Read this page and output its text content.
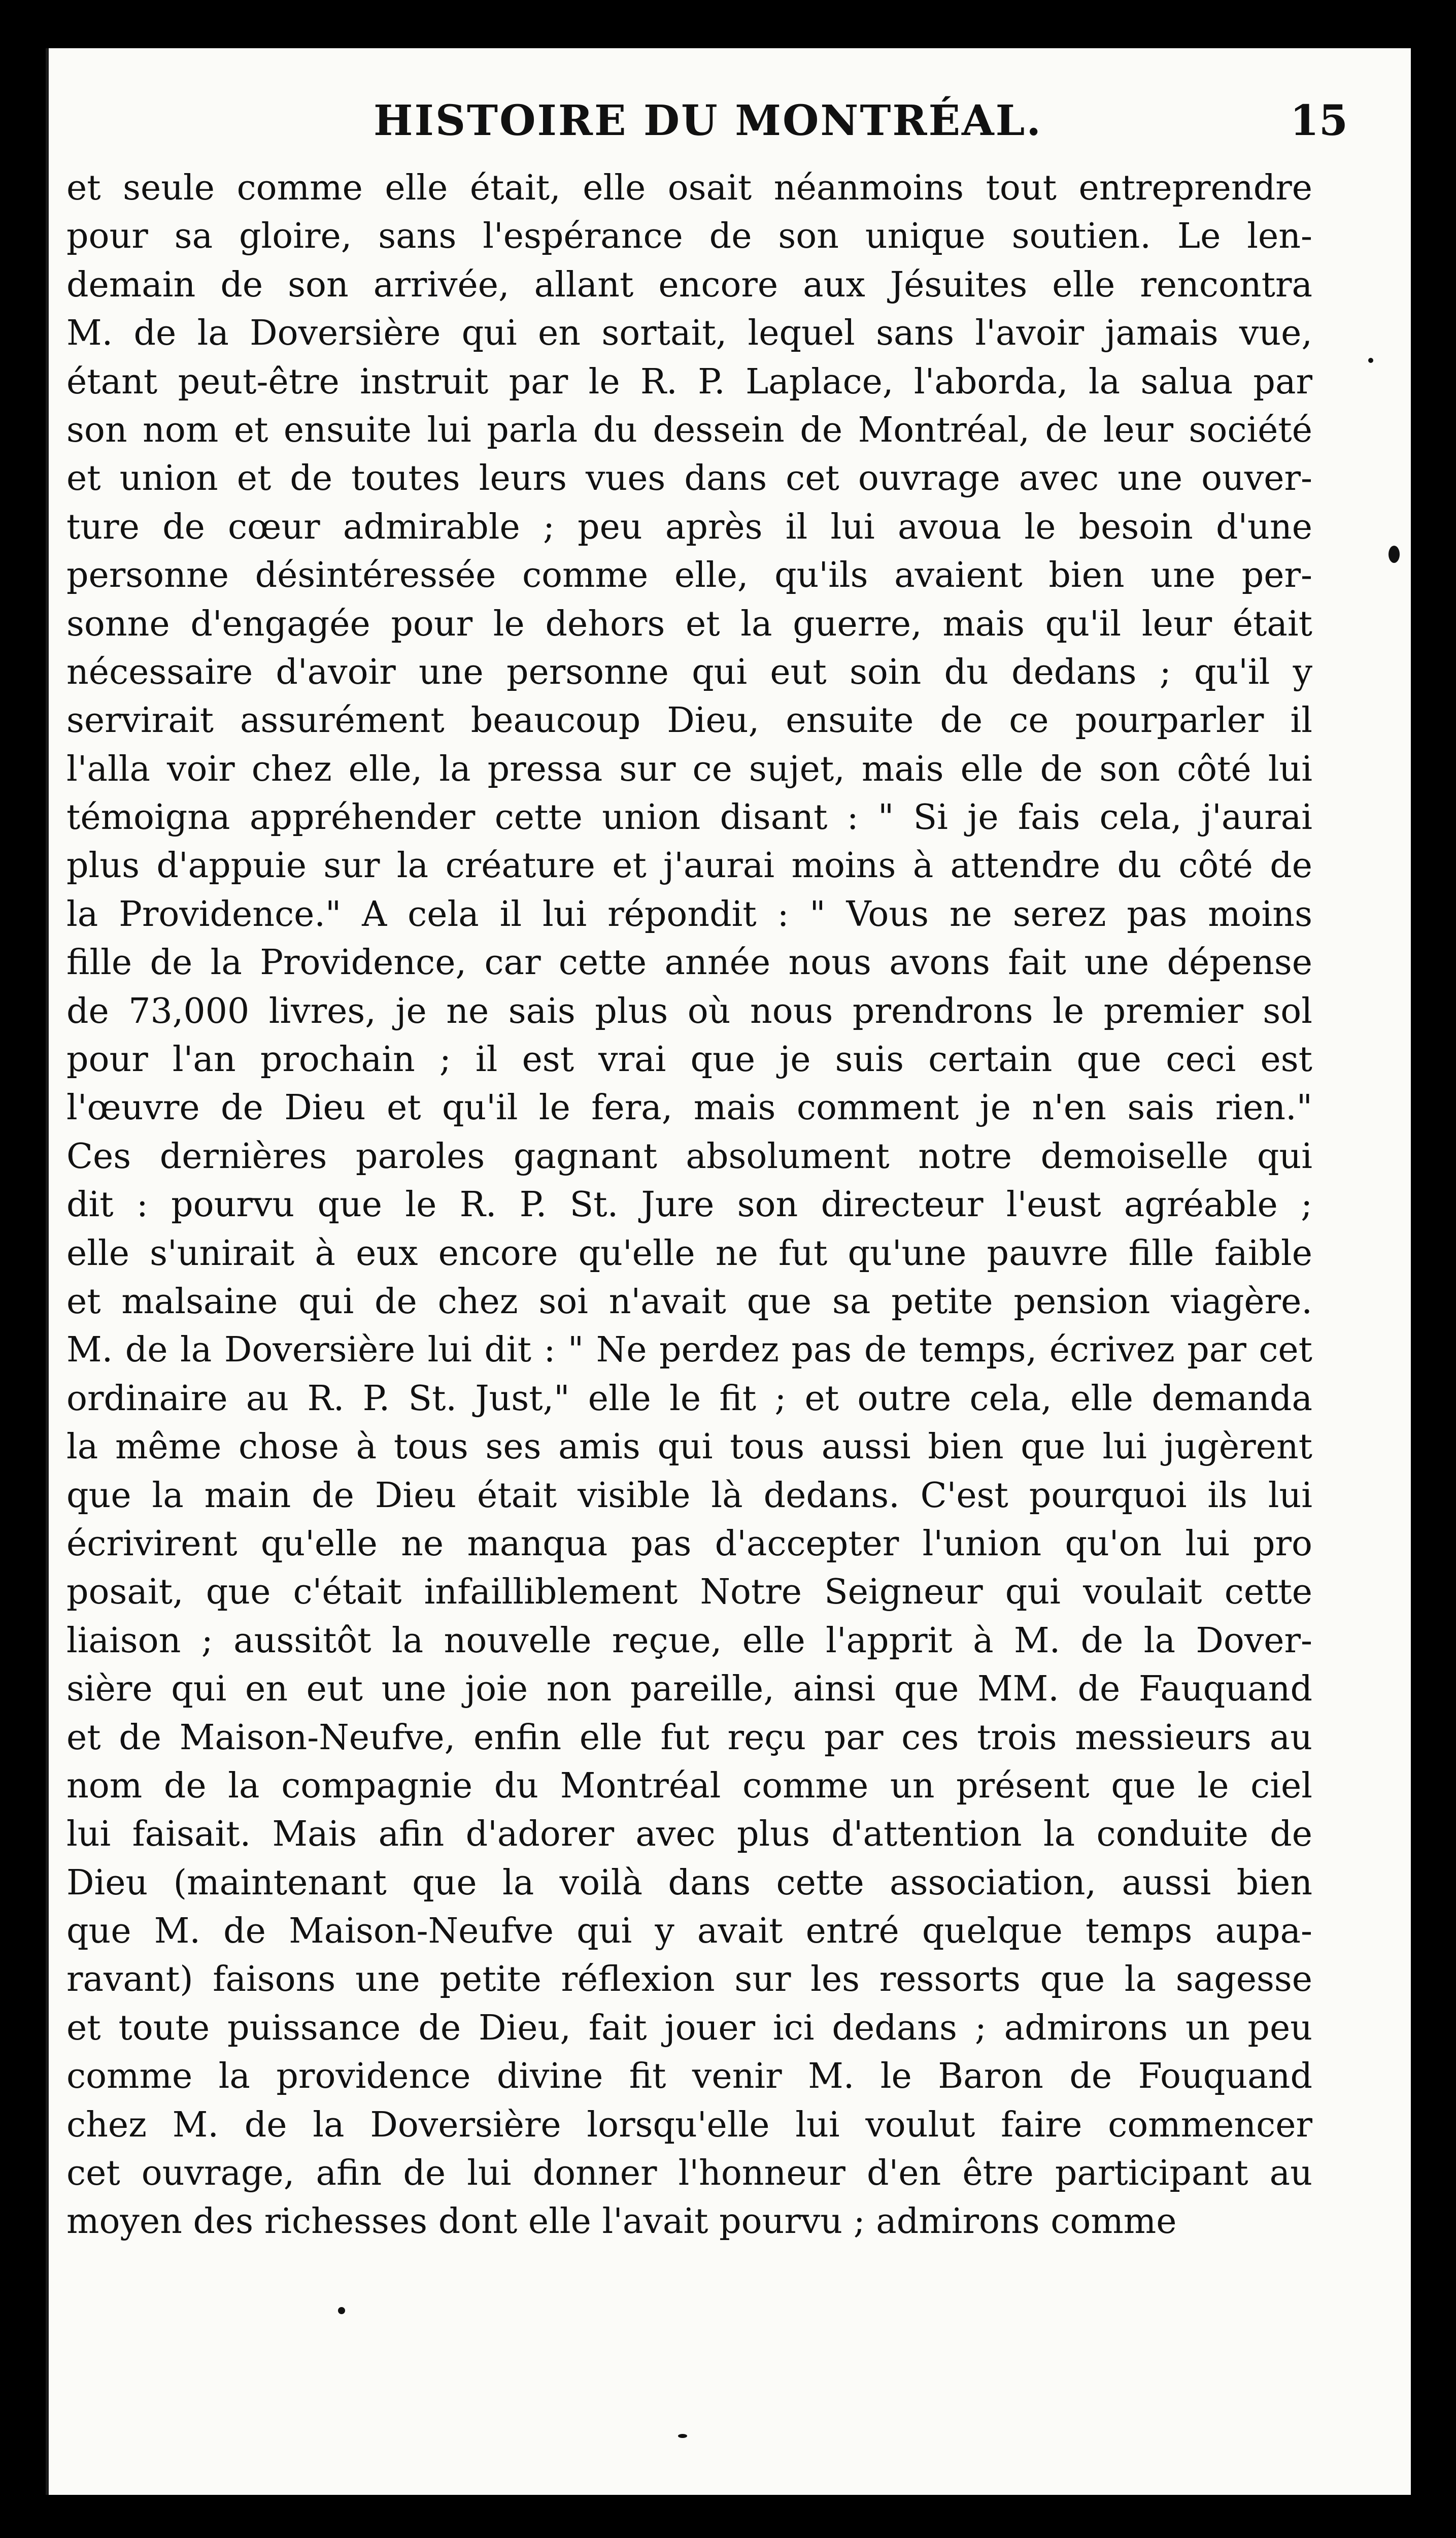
HISTOIRE DU MONTRÉAL.	15
et seule comme elle était, elle osait néanmoins tout entreprendre
pour sa gloire, sans l'espérance de son unique soutien. Le len-
demain de son arrivée, allant encore aux Jésuites elle rencontra
M. de la Doversière qui en sortait, lequel sans l'avoir jamais vue,
étant peut-être instruit par le R. P. Laplace, l'aborda, la salua par
son nom et ensuite lui parla du dessein de Montréal, de leur société
et union et de toutes leurs vues dans cet ouvrage avec une ouver-
ture de cœur admirable ; peu après il lui avoua le besoin d'une
personne désintéressée comme elle, qu'ils avaient bien une per-
sonne d'engagée pour le dehors et la guerre, mais qu'il leur était
nécessaire d'avoir une personne qui eut soin du dedans ; qu'il y
servirait assurément beaucoup Dieu, ensuite de ce pourparler il
l'alla voir chez elle, la pressa sur ce sujet, mais elle de son côté lui
témoigna appréhender cette union disant : " Si je fais cela, j'aurai
plus d'appuie sur la créature et j'aurai moins à attendre du côté de
la Providence." A cela il lui répondit : " Vous ne serez pas moins
fille de la Providence, car cette année nous avons fait une dépense
de 73,000 livres, je ne sais plus où nous prendrons le premier sol
pour l'an prochain ; il est vrai que je suis certain que ceci est
l'œuvre de Dieu et qu'il le fera, mais comment je n'en sais rien."
Ces dernières paroles gagnant absolument notre demoiselle qui
dit : pourvu que le R. P. St. Jure son directeur l'eust agréable ;
elle s'unirait à eux encore qu'elle ne fut qu'une pauvre fille faible
et malsaine qui de chez soi n'avait que sa petite pension viagère.
M. de la Doversière lui dit : " Ne perdez pas de temps, écrivez par cet
ordinaire au R. P. St. Just," elle le fit ; et outre cela, elle demanda
la même chose à tous ses amis qui tous aussi bien que lui jugèrent
que la main de Dieu était visible là dedans. C'est pourquoi ils lui
écrivirent qu'elle ne manqua pas d'accepter l'union qu'on lui pro
posait, que c'était infailliblement Notre Seigneur qui voulait cette
liaison ; aussitôt la nouvelle reçue, elle l'apprit à M. de la Dover-
sière qui en eut une joie non pareille, ainsi que MM. de Fauquand
et de Maison-Neufve, enfin elle fut reçu par ces trois messieurs au
nom de la compagnie du Montréal comme un présent que le ciel
lui faisait. Mais afin d'adorer avec plus d'attention la conduite de
Dieu (maintenant que la voilà dans cette association, aussi bien
que M. de Maison-Neufve qui y avait entré quelque temps aupa-
ravant) faisons une petite réflexion sur les ressorts que la sagesse
et toute puissance de Dieu, fait jouer ici dedans ; admirons un peu
comme la providence divine fit venir M. le Baron de Fouquand
chez M. de la Doversière lorsqu'elle lui voulut faire commencer
cet ouvrage, afin de lui donner l'honneur d'en être participant au
moyen des richesses dont elle l'avait pourvu ; admirons comme
